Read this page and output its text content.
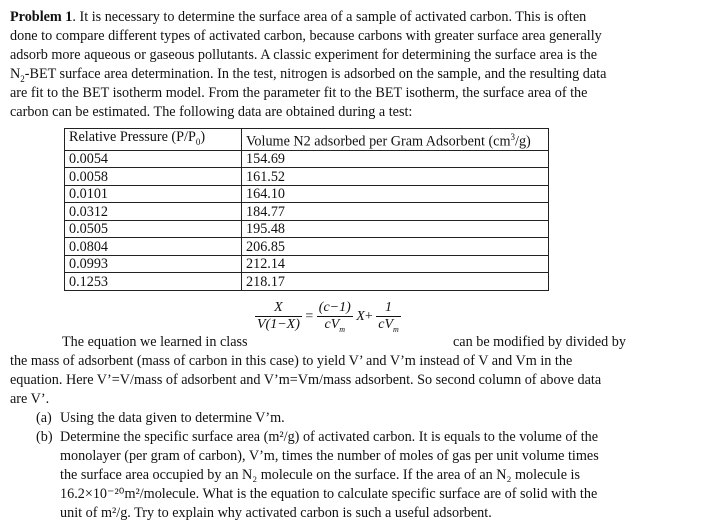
Problem 1. It is necessary to determine the surface area of a sample of activated carbon. This is often
done to compare different types of activated carbon, because carbons with greater surface area generally
adsorb more aqueous or gaseous pollutants. A classic experiment for determining the surface area is the
$N_2$-BET surface area determination. In the test, nitrogen is adsorbed on the sample, and the resulting data
are fit to the BET isotherm model. From the parameter fit to the BET isotherm, the surface area of the
carbon can be estimated. The following data are obtained during a test:
Relative Pressure $(P/P_0)$	Volume N2 adsorbed per Gram Adsorbent $(cm^3/g)$
0.0054	154.69
0.0058	161.52
0.0101	164.10
0.0312	184.77
0.0505	195.48
0.0804	206.85
0.0993	212.14
0.1253	218.17
$\frac{X}{V(1-X)} = \frac{(c-1)}{cV_m} X+ \frac{1}{cV_m}$
The equation we learned in class	can be modified by divided by
the mass of adsorbent (mass of carbon in this case) to yield V’ and V’m instead of V and Vm in the
equation. Here V’=V/mass of adsorbent and V’m=Vm/mass adsorbent. So second column of above data
are V’.
(a) Using the data given to determine V’m.
(b) Determine the specific surface area (m²/g) of activated carbon. It is equals to the volume of the
monolayer (per gram of carbon), V’m, times the number of moles of gas per unit volume times
the surface area occupied by an N₂ molecule on the surface. If the area of an N₂ molecule is
16.2×10⁻²⁰m²/molecule. What is the equation to calculate specific surface are of solid with the
unit of m²/g. Try to explain why activated carbon is such a useful adsorbent.
